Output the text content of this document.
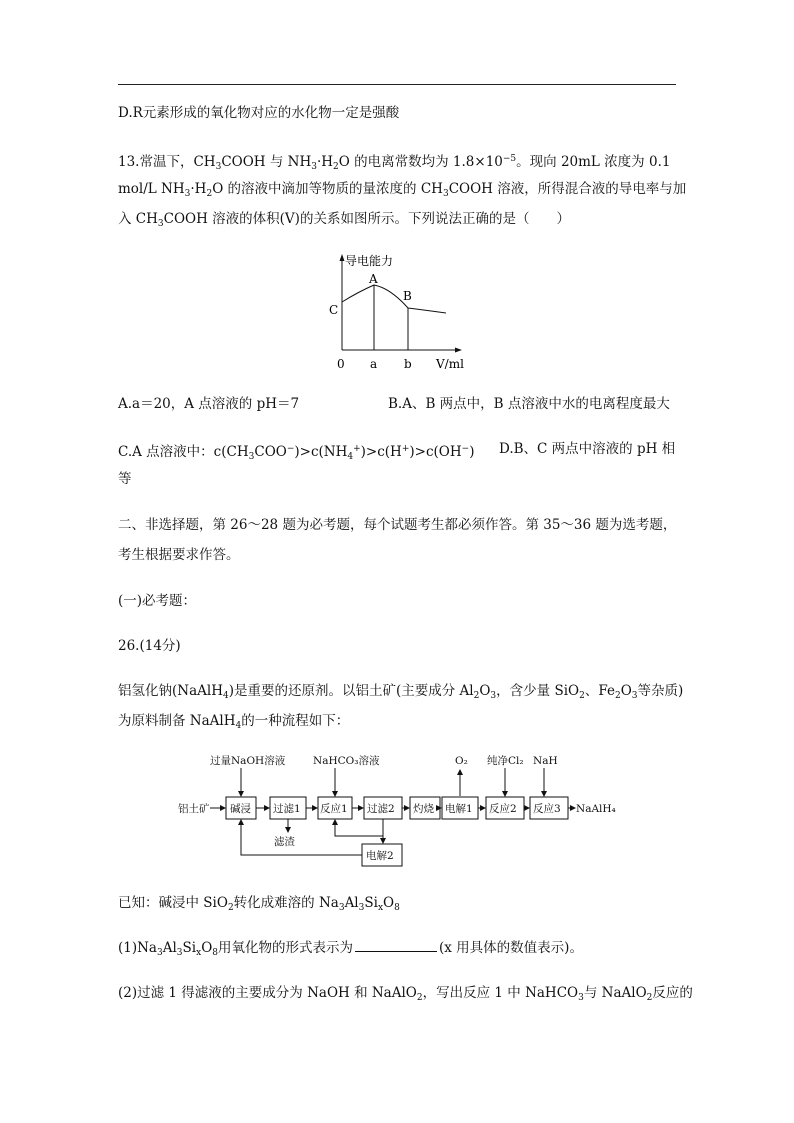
D.R元素形成的氧化物对应的水化物一定是强酸
13.常温下，$CH_3COOH$ 与 $NH_3\cdot H_2O$ 的电离常数均为 $1.8\times 10^{-5}$。现向 20mL 浓度为 0.1
mol/L $NH_3\cdot H_2O$ 的溶液中滴加等物质的量浓度的 $CH_3COOH$ 溶液，所得混合液的导电率与加
入 $CH_3COOH$ 溶液的体积(V)的关系如图所示。下列说法正确的是（　　）
导电能力
A
B
C
0 a b V/ml
A.a＝20，A 点溶液的 pH＝7	B.A、B 两点中，B 点溶液中水的电离程度最大
C.A 点溶液中：$c(CH_3COO^-)>c(NH_4^+)>c(H^+)>c(OH^-)$	D.B、C 两点中溶液的 pH 相
等
二、非选择题，第 26～28 题为必考题，每个试题考生都必须作答。第 35～36 题为选考题，
考生根据要求作答。
(一)必考题：
26.(14分)
铝氢化钠(NaAlH$_4$)是重要的还原剂。以铝土矿(主要成分 $Al_2O_3$，含少量 SiO$_2$、$Fe_2O_3$等杂质)
为原料制备 NaAlH$_4$的一种流程如下：
过量NaOH溶液	NaHCO₃溶液	O₂ 纯净Cl₂ NaH
铝土矿
滤渣
NaAlH₄
碱浸 过滤1 反应1 过滤2 灼烧 电解1 反应2 反应3
电解2
已知：碱浸中 SiO$_2$转化成难溶的 $Na_3Al_3Si_xO_8$
$(1)Na_3Al_3Si_xO_8$用氧化物的形式表示为	(x 用具体的数值表示)。
(2)过滤 1 得滤液的主要成分为 NaOH 和 NaAlO$_2$，写出反应 1 中 NaHCO$_3$与 NaAlO$_2$反应的
